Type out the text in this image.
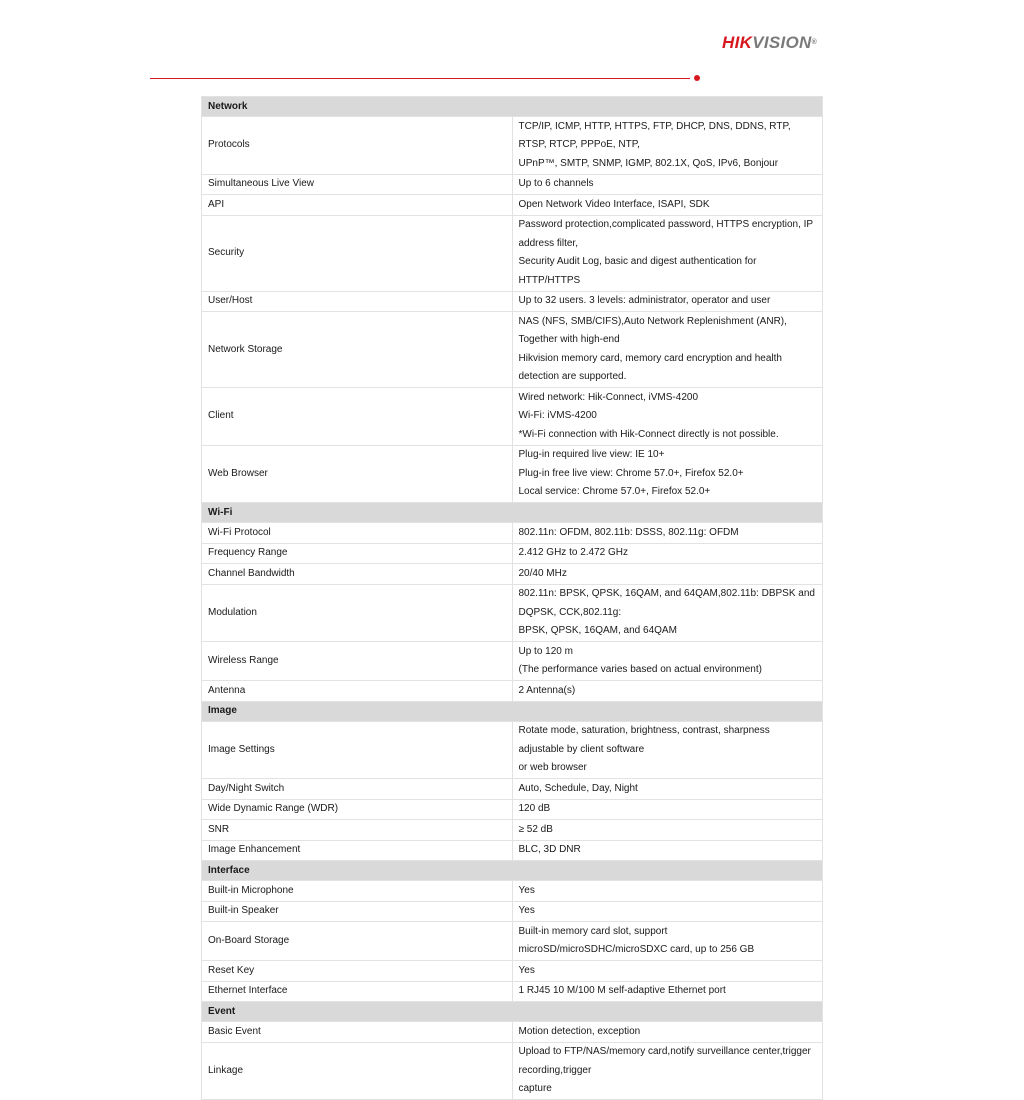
HIKVISION®
Network	
Protocols	TCP/IP, ICMP, HTTP, HTTPS, FTP, DHCP, DNS, DDNS, RTP, RTSP, RTCP, PPPoE, NTP,
UPnP™, SMTP, SNMP, IGMP, 802.1X, QoS, IPv6, Bonjour

Simultaneous Live View	Up to 6 channels

API	Open Network Video Interface, ISAPI, SDK

Security	Password protection,complicated password, HTTPS encryption, IP address filter,
Security Audit Log, basic and digest authentication for HTTP/HTTPS

User/Host	Up to 32 users. 3 levels: administrator, operator and user

Network Storage	NAS (NFS, SMB/CIFS),Auto Network Replenishment (ANR), Together with high-end
Hikvision memory card, memory card encryption and health detection are supported.

Client	Wired network: Hik-Connect, iVMS-4200
Wi-Fi: iVMS-4200
*Wi-Fi connection with Hik-Connect directly is not possible.

Web Browser	Plug-in required live view: IE 10+
Plug-in free live view: Chrome 57.0+, Firefox 52.0+
Local service: Chrome 57.0+, Firefox 52.0+

Wi-Fi	
Wi-Fi Protocol	802.11n: OFDM, 802.11b: DSSS, 802.11g: OFDM

Frequency Range	2.412 GHz to 2.472 GHz

Channel Bandwidth	20/40 MHz

Modulation	802.11n: BPSK, QPSK, 16QAM, and 64QAM,802.11b: DBPSK and DQPSK, CCK,802.11g:
BPSK, QPSK, 16QAM, and 64QAM

Wireless Range	Up to 120 m
(The performance varies based on actual environment)

Antenna	2 Antenna(s)

Image	
Image Settings	Rotate mode, saturation, brightness, contrast, sharpness adjustable by client software
or web browser

Day/Night Switch	Auto, Schedule, Day, Night

Wide Dynamic Range (WDR)	120 dB

SNR	≥ 52 dB

Image Enhancement	BLC, 3D DNR

Interface	
Built-in Microphone	Yes

Built-in Speaker	Yes

On-Board Storage	Built-in memory card slot, support microSD/microSDHC/microSDXC card, up to 256 GB

Reset Key	Yes

Ethernet Interface	1 RJ45 10 M/100 M self-adaptive Ethernet port

Event	
Basic Event	Motion detection, exception

Linkage	Upload to FTP/NAS/memory card,notify surveillance center,trigger recording,trigger
capture
